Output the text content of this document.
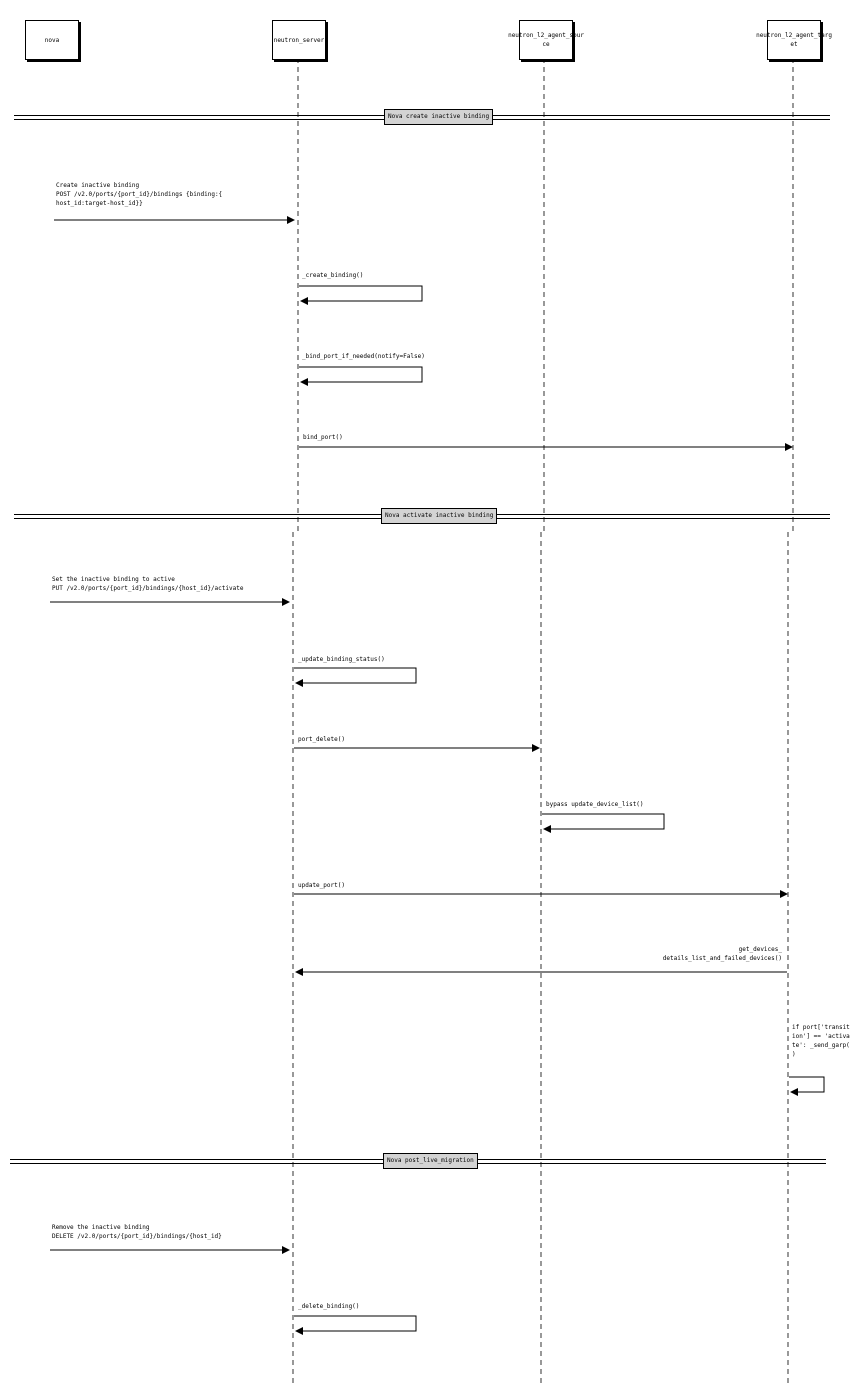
nova	neutron_server
neutron_l2_agent_sour
ce
neutron_l2_agent_targ
et
Nova create inactive binding
Nova activate inactive binding
Nova post_live_migration
Create inactive binding
POST /v2.0/ports/{port_id}/bindings {binding:{
host_id:target-host_id}}
_create_binding()
_bind_port_if_needed(notify=False)
bind_port()
Set the inactive binding to active
PUT /v2.0/ports/{port_id}/bindings/{host_id}/activate
_update_binding_status()
port_delete()
bypass update_device_list()
update_port()
get_devices_
details_list_and_failed_devices()
if port['transit
ion'] == 'activa
te': _send_garp(
)
Remove the inactive binding
DELETE /v2.0/ports/{port_id}/bindings/{host_id}
_delete_binding()
